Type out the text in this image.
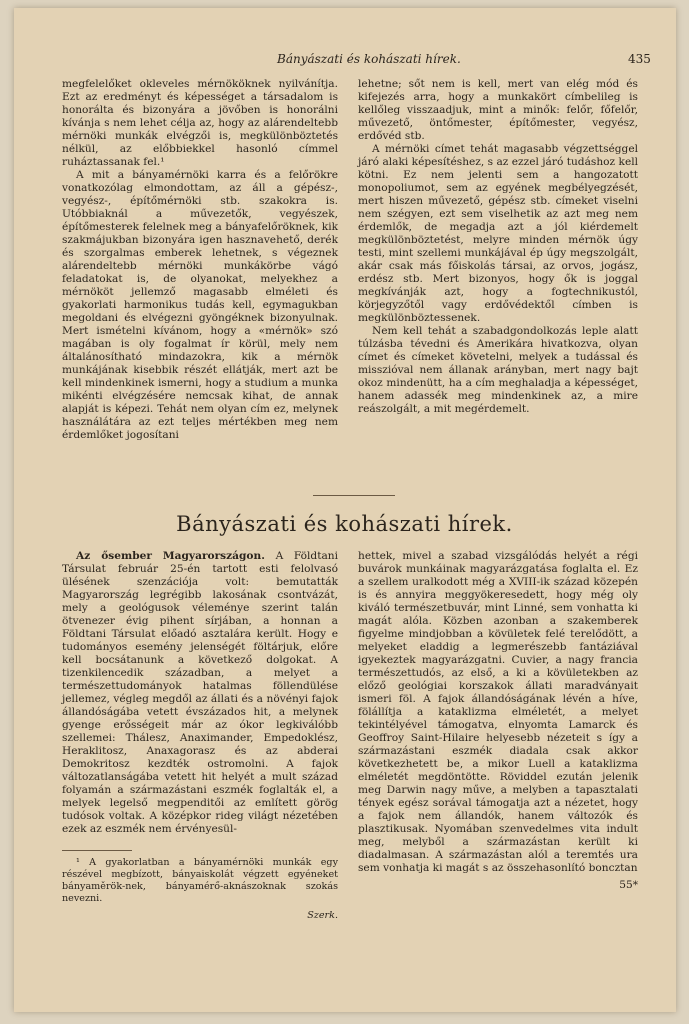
Bányászati és kohászati hírek.	435

megfelelőket okleveles mérnököknek nyilvánítja. Ezt az eredményt és képességet a társadalom is honorálta és bizonyára a jövőben is honorálni kívánja s nem lehet célja az, hogy az alárendeltebb mérnöki munkák elvégzői is, megkülönböztetés nélkül, az előbbiekkel hasonló címmel ruháztassanak fel.¹

A mit a bányamérnöki karra és a felőrökre vonatkozólag elmondottam, az áll a gépész-, vegyész-, építőmérnöki stb. szakokra is. Utóbbiaknál a művezetők, vegyészek, építőmesterek felelnek meg a bányafelőröknek, kik szakmájukban bizonyára igen hasznavehető, derék és szorgalmas emberek lehetnek, s végeznek alárendeltebb mérnöki munkákörbe vágó feladatokat is, de olyanokat, melyekhez a mérnököt jellemző magasabb elméleti és gyakorlati harmonikus tudás kell, egymagukban megoldani és elvégezni gyöngéknek bizonyulnak. Mert ismételni kívánom, hogy a «mérnök» szó magában is oly fogalmat ír körül, mely nem általánosítható mindazokra, kik a mérnök munkájának kisebbik részét ellátják, mert azt be kell mindenkinek ismerni, hogy a studium a munka mikénti elvégzésére nemcsak kihat, de annak alapját is képezi. Tehát nem olyan cím ez, melynek használátára az ezt teljes mértékben meg nem érdemlőket jogosítani

lehetne; sőt nem is kell, mert van elég mód és kifejezés arra, hogy a munkakört címbelileg is kellőleg visszaadjuk, mint a minők: felőr, főfelőr, művezető, öntőmester, építőmester, vegyész, erdővéd stb.

A mérnöki címet tehát magasabb végzettséggel járó alaki képesítéshez, s az ezzel járó tudáshoz kell kötni. Ez nem jelenti sem a hangozatott monopoliumot, sem az egyének megbélyegzését, mert hiszen művezető, gépész stb. címeket viselni nem szégyen, ezt sem viselhetik az azt meg nem érdemlők, de megadja azt a jól kiérdemelt megkülönböztetést, melyre minden mérnök úgy testi, mint szellemi munkájával ép úgy megszolgált, akár csak más főiskolás társai, az orvos, jogász, erdész stb. Mert bizonyos, hogy ők is joggal megkívánják azt, hogy a fogtechnikustól, körjegyzőtől vagy erdővédektől címben is megkülönböztessenek.

Nem kell tehát a szabadgondolkozás leple alatt túlzásba tévedni és Amerikára hivatkozva, olyan címet és címeket követelni, melyek a tudással és misszióval nem állanak arányban, mert nagy bajt okoz mindenütt, ha a cím meghaladja a képességet, hanem adassék meg mindenkinek az, a mire reászolgált, a mit megérdemelt.

Bányászati és kohászati hírek.

Az ősember Magyarországon. A Földtani Társulat február 25-én tartott esti felolvasó ülésének szenzációja volt: bemutatták Magyarország legrégibb lakosának csontvázát, mely a geológusok véleménye szerint talán ötvenezer évig pihent sírjában, a honnan a Földtani Társulat előadó asztalára került. Hogy e tudományos esemény jelenségét föltárjuk, előre kell bocsátanunk a következő dolgokat. A tizenkilencedik században, a melyet a természettudományok hatalmas föllendülése jellemez, végleg megdől az állati és a növényi fajok állandóságába vetett évszázados hit, a melynek gyenge erősségeit már az ókor legkiválóbb szellemei: Thálesz, Anaximander, Empedoklész, Heraklitosz, Anaxagorasz és az abderai Demokritosz kezdték ostromolni. A fajok változatlanságába vetett hit helyét a mult század folyamán a származástani eszmék foglalták el, a melyek legelső megpenditői az említett görög tudósok voltak. A középkor rideg világt nézetében ezek az eszmék nem érvényesül-

¹ A gyakorlatban a bányamérnöki munkák egy részével megbízott, bányaiskolát végzett egyéneket bányaměrök-nek, bányamérő-aknászoknak szokás nevezni.

Szerk.

hettek, mivel a szabad vizsgálódás helyét a régi buvárok munkáinak magyarázgatása foglalta el. Ez a szellem uralkodott még a XVIII-ik század közepén is és annyira meggyökeresedett, hogy még oly kiváló természetbuvár, mint Linné, sem vonhatta ki magát alóla. Közben azonban a szakemberek figyelme mindjobban a kövületek felé terelődött, a melyeket eladdig a legmerészebb fantáziával igyekeztek magyarázgatni. Cuvier, a nagy francia természettudós, az első, a ki a kövületekben az előző geológiai korszakok állati maradványait ismeri föl. A fajok állandóságának lévén a híve, fölállítja a kataklizma elméletét, a melyet tekintélyével támogatva, elnyomta Lamarck és Geoffroy Saint-Hilaire helyesebb nézeteit s így a származástani eszmék diadala csak akkor következhetett be, a mikor Luell a kataklizma elméletét megdöntötte. Röviddel ezután jelenik meg Darwin nagy műve, a melyben a tapasztalati tények egész sorával támogatja azt a nézetet, hogy a fajok nem állandók, hanem változók és plasztikusak. Nyomában szenvedelmes vita indult meg, melyből a származástan került ki diadalmasan. A származástan alól a teremtés ura sem vonhatja ki magát s az összehasonlító boncztan

55*
